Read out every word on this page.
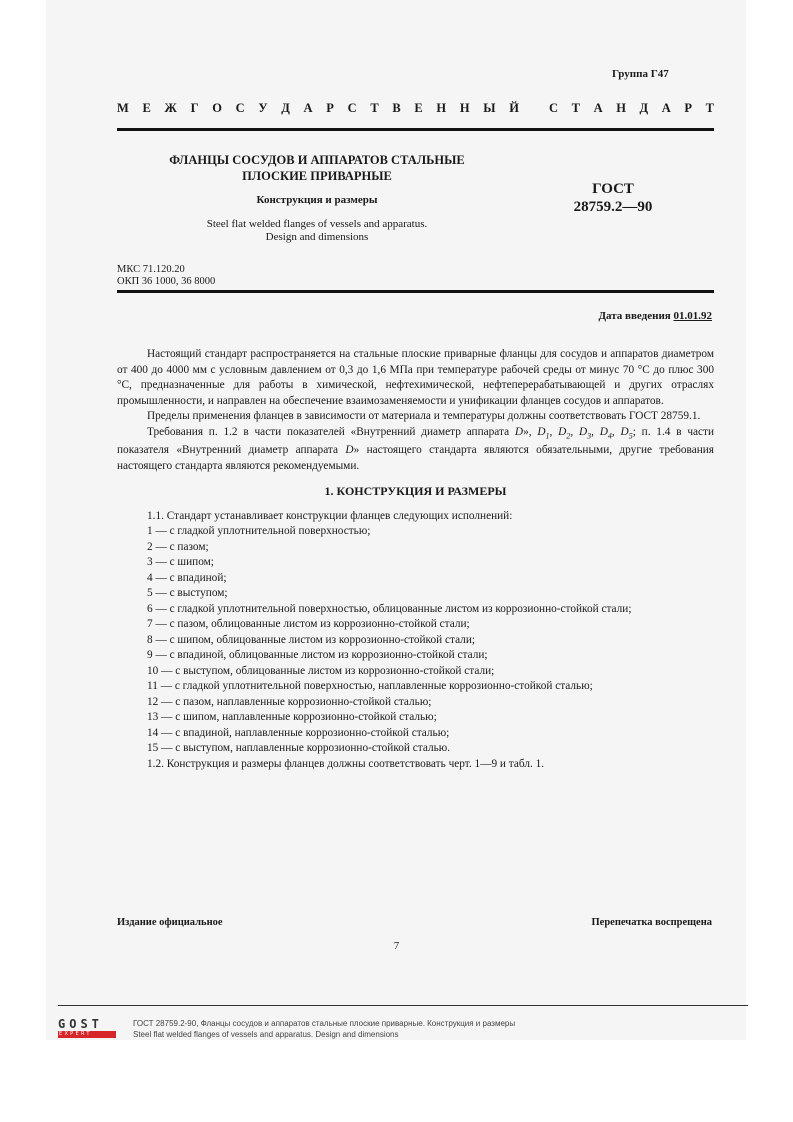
Группа Г47
М Е Ж Г О С У Д А Р С Т В Е Н Н Ы Й С Т А Н Д А Р Т
ФЛАНЦЫ СОСУДОВ И АППАРАТОВ СТАЛЬНЫЕ
ПЛОСКИЕ ПРИВАРНЫЕ
Конструкция и размеры
Steel flat welded flanges of vessels and apparatus.
Design and dimensions
ГОСТ
28759.2—90
МКС 71.120.20
ОКП 36 1000, 36 8000
Дата введения 01.01.92

Настоящий стандарт распространяется на стальные плоские приварные фланцы для сосудов и аппаратов диаметром от 400 до 4000 мм с условным давлением от 0,3 до 1,6 МПа при температуре рабочей среды от минус 70 °С до плюс 300 °С, предназначенные для работы в химической, нефтехимической, нефтеперерабатывающей и других отраслях промышленности, и направлен на обеспечение взаимозаменяемости и унификации фланцев сосудов и аппаратов.

Пределы применения фланцев в зависимости от материала и температуры должны соответствовать ГОСТ 28759.1.

Требования п. 1.2 в части показателей «Внутренний диаметр аппарата D», $D_1$, $D_2$, $D_3$, $D_4$, $D_5$; п. 1.4 в части показателя «Внутренний диаметр аппарата D» настоящего стандарта являются обязательными, другие требования настоящего стандарта являются рекомендуемыми.

1. КОНСТРУКЦИЯ И РАЗМЕРЫ

1.1. Стандарт устанавливает конструкции фланцев следующих исполнений:

1 — с гладкой уплотнительной поверхностью;
2 — с пазом;
3 — с шипом;
4 — с впадиной;
5 — с выступом;
6 — с гладкой уплотнительной поверхностью, облицованные листом из коррозионно-стойкой стали;
7 — с пазом, облицованные листом из коррозионно-стойкой стали;
8 — с шипом, облицованные листом из коррозионно-стойкой стали;
9 — с впадиной, облицованные листом из коррозионно-стойкой стали;
10 — с выступом, облицованные листом из коррозионно-стойкой стали;
11 — с гладкой уплотнительной поверхностью, наплавленные коррозионно-стойкой сталью;
12 — с пазом, наплавленные коррозионно-стойкой сталью;
13 — с шипом, наплавленные коррозионно-стойкой сталью;
14 — с впадиной, наплавленные коррозионно-стойкой сталью;
15 — с выступом, наплавленные коррозионно-стойкой сталью.

1.2. Конструкция и размеры фланцев должны соответствовать черт. 1—9 и табл. 1.

Издание официальное	Перепечатка воспрещена
7
GOST
EXPERT
ГОСТ 28759.2-90, Фланцы сосудов и аппаратов стальные плоские приварные. Конструкция и размеры
Steel flat welded flanges of vessels and apparatus. Design and dimensions
